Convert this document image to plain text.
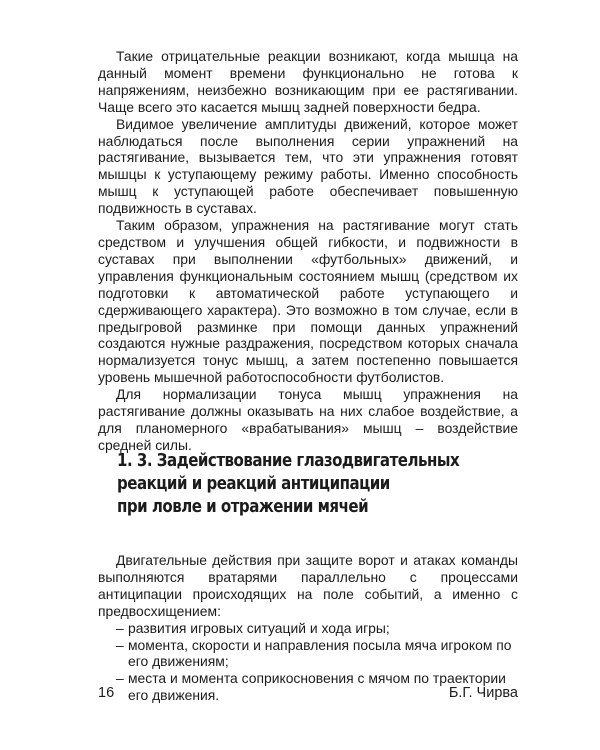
Такие отрицательные реакции возникают, когда мышца на данный момент времени функционально не готова к напряжениям, неизбежно возникающим при ее растягивании. Чаще всего это касается мышц задней поверхности бедра.

Видимое увеличение амплитуды движений, которое может наблюдаться после выполнения серии упражнений на растягивание, вызывается тем, что эти упражнения готовят мышцы к уступающему режиму работы. Именно способность мышц к уступающей работе обеспечивает повышенную подвижность в суставах.

Таким образом, упражнения на растягивание могут стать средством и улучшения общей гибкости, и подвижности в суставах при выполнении «футбольных» движений, и управления функциональным состоянием мышц (средством их подготовки к автоматической работе уступающего и сдерживающего характера). Это возможно в том случае, если в предыгровой разминке при помощи данных упражнений создаются нужные раздражения, посредством которых сначала нормализуется тонус мышц, а затем постепенно повышается уровень мышечной работоспособности футболистов.

Для нормализации тонуса мышц упражнения на растягивание должны оказывать на них слабое воздействие, а для планомерного «врабатывания» мышц – воздействие средней силы.

1. 3. Задействование глазодвигательных
реакций и реакций антиципации
при ловле и отражении мячей

Двигательные действия при защите ворот и атаках команды выполняются вратарями параллельно с процессами антиципации происходящих на поле событий, а именно с предвосхищением:

– развития игровых ситуаций и хода игры;
– момента, скорости и направления посыла мяча игроком по его движениям;
– места и момента соприкосновения с мячом по траектории его движения.
16	Б.Г. Чирва
